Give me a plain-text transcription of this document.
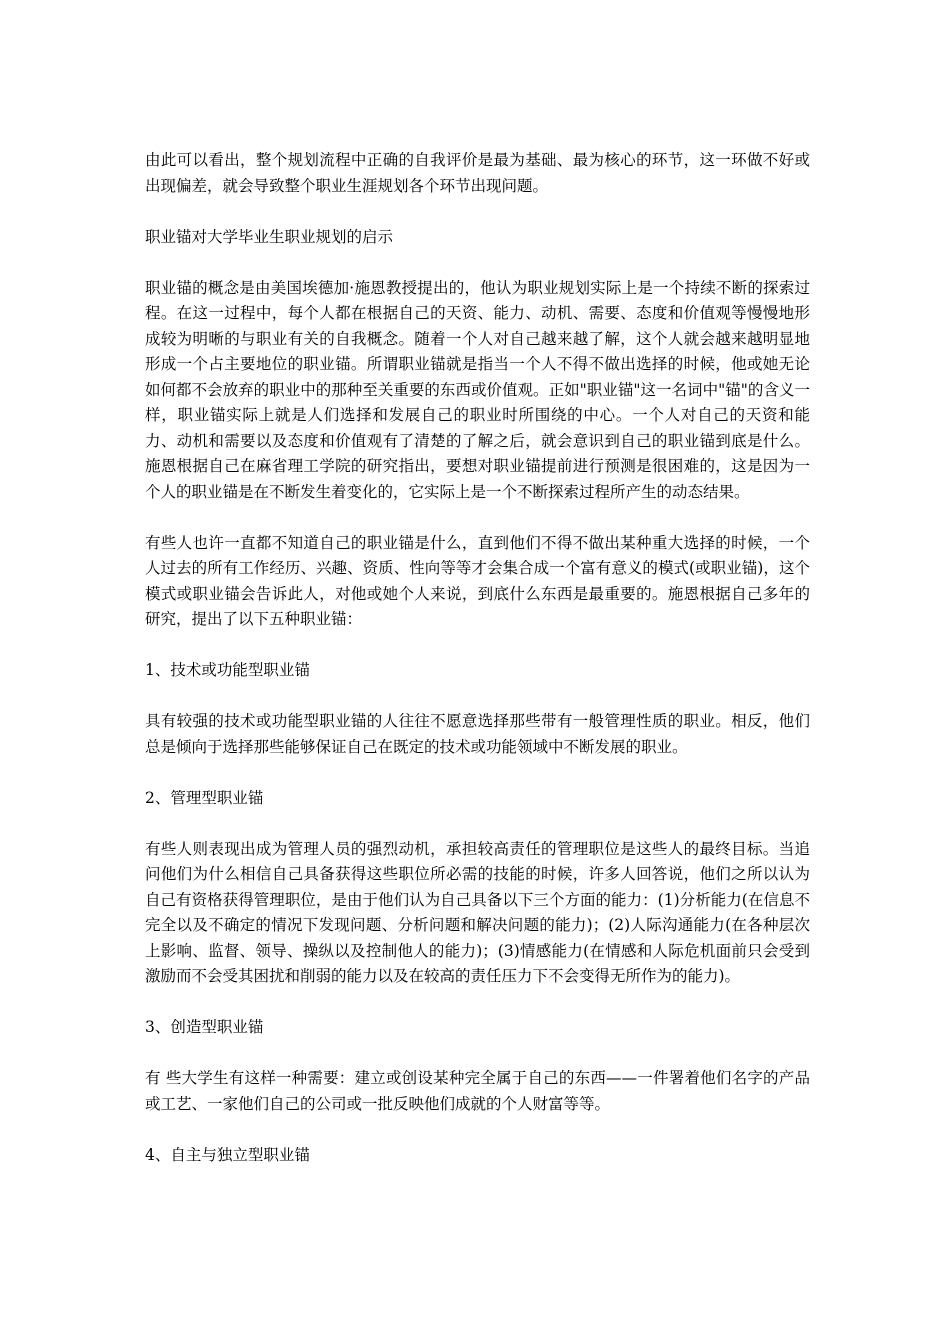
由此可以看出，整个规划流程中正确的自我评价是最为基础、最为核心的环节，这一环做不好或出现偏差，就会导致整个职业生涯规划各个环节出现问题。

职业锚对大学毕业生职业规划的启示

职业锚的概念是由美国埃德加·施恩教授提出的，他认为职业规划实际上是一个持续不断的探索过程。在这一过程中，每个人都在根据自己的天资、能力、动机、需要、态度和价值观等慢慢地形成较为明晰的与职业有关的自我概念。随着一个人对自己越来越了解，这个人就会越来越明显地形成一个占主要地位的职业锚。所谓职业锚就是指当一个人不得不做出选择的时候，他或她无论如何都不会放弃的职业中的那种至关重要的东西或价值观。正如"职业锚"这一名词中"锚"的含义一样，职业锚实际上就是人们选择和发展自己的职业时所围绕的中心。一个人对自己的天资和能力、动机和需要以及态度和价值观有了清楚的了解之后，就会意识到自己的职业锚到底是什么。施恩根据自己在麻省理工学院的研究指出，要想对职业锚提前进行预测是很困难的，这是因为一个人的职业锚是在不断发生着变化的，它实际上是一个不断探索过程所产生的动态结果。

有些人也许一直都不知道自己的职业锚是什么，直到他们不得不做出某种重大选择的时候，一个人过去的所有工作经历、兴趣、资质、性向等等才会集合成一个富有意义的模式(或职业锚)，这个模式或职业锚会告诉此人，对他或她个人来说，到底什么东西是最重要的。施恩根据自己多年的研究，提出了以下五种职业锚：

1、技术或功能型职业锚

具有较强的技术或功能型职业锚的人往往不愿意选择那些带有一般管理性质的职业。相反，他们总是倾向于选择那些能够保证自己在既定的技术或功能领域中不断发展的职业。

2、管理型职业锚

有些人则表现出成为管理人员的强烈动机，承担较高责任的管理职位是这些人的最终目标。当追问他们为什么相信自己具备获得这些职位所必需的技能的时候，许多人回答说，他们之所以认为自己有资格获得管理职位，是由于他们认为自己具备以下三个方面的能力：(1)分析能力(在信息不完全以及不确定的情况下发现问题、分析问题和解决问题的能力)；(2)人际沟通能力(在各种层次上影响、监督、领导、操纵以及控制他人的能力)；(3)情感能力(在情感和人际危机面前只会受到激励而不会受其困扰和削弱的能力以及在较高的责任压力下不会变得无所作为的能力)。

3、创造型职业锚

有 些大学生有这样一种需要：建立或创设某种完全属于自己的东西——一件署着他们名字的产品或工艺、一家他们自己的公司或一批反映他们成就的个人财富等等。

4、自主与独立型职业锚
